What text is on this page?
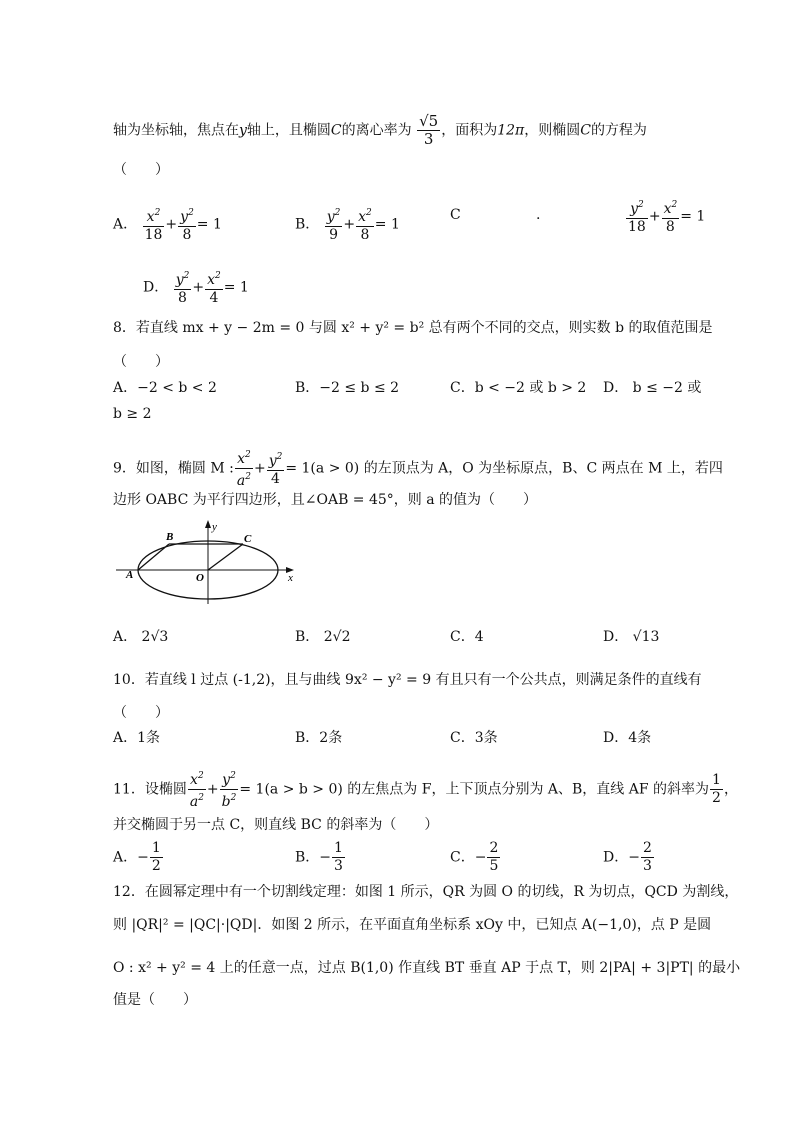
轴为坐标轴，焦点在y轴上，且椭圆C的离心率为 $\frac{√5}{3}$ ，面积为12π，则椭圆C的方程为
（　　）
A． $\frac{x^2}{18} + \frac{y^2}{8} = 1$	B． $\frac{y^2}{9} + \frac{x^2}{8} = 1$
C	.	$\frac{y^2}{18} + \frac{x^2}{8} = 1$
D． $\frac{y^2}{8} + \frac{x^2}{4} = 1$
8．若直线 mx + y − 2m = 0 与圆 x² + y² = b² 总有两个不同的交点，则实数 b 的取值范围是
（　　）
A．−2 < b < 2	B．−2 ≤ b ≤ 2	C．b < −2 或 b > 2 D． b ≤ −2 或
b ≥ 2
9．如图，椭圆 M : $\frac{x^2}{a^2} + \frac{y^2}{4} = 1(a > 0)$ 的左顶点为 A，O 为坐标原点，B、C 两点在 M 上，若四
边形 OABC 为平行四边形，且∠OAB = 45°，则 a 的值为（　　）
A
B	C
O	x
y
A． 2√3	B． 2√2	C．4	D． √13
10．若直线 l 过点 (-1,2)，且与曲线 9x² − y² = 9 有且只有一个公共点，则满足条件的直线有
（　　）
A．1条	B．2条	C．3条	D．4条
11．设椭圆 $\frac{x^2}{a^2} + \frac{y^2}{b^2} = 1(a > b > 0)$ 的左焦点为 F，上下顶点分别为 A、B，直线 AF 的斜率为 $\frac{1}{2}$ ，
并交椭圆于另一点 C，则直线 BC 的斜率为（　　）
A．− $\frac{1}{2}$	B．− $\frac{1}{3}$	C．− $\frac{2}{5}$	D．− $\frac{2}{3}$
12．在圆幂定理中有一个切割线定理：如图 1 所示，QR 为圆 O 的切线，R 为切点，QCD 为割线，
则 |QR|² = |QC|·|QD|．如图 2 所示，在平面直角坐标系 xOy 中，已知点 A(−1,0)，点 P 是圆
O : x² + y² = 4 上的任意一点，过点 B(1,0) 作直线 BT 垂直 AP 于点 T，则 2|PA| + 3|PT| 的最小
值是（　　）
